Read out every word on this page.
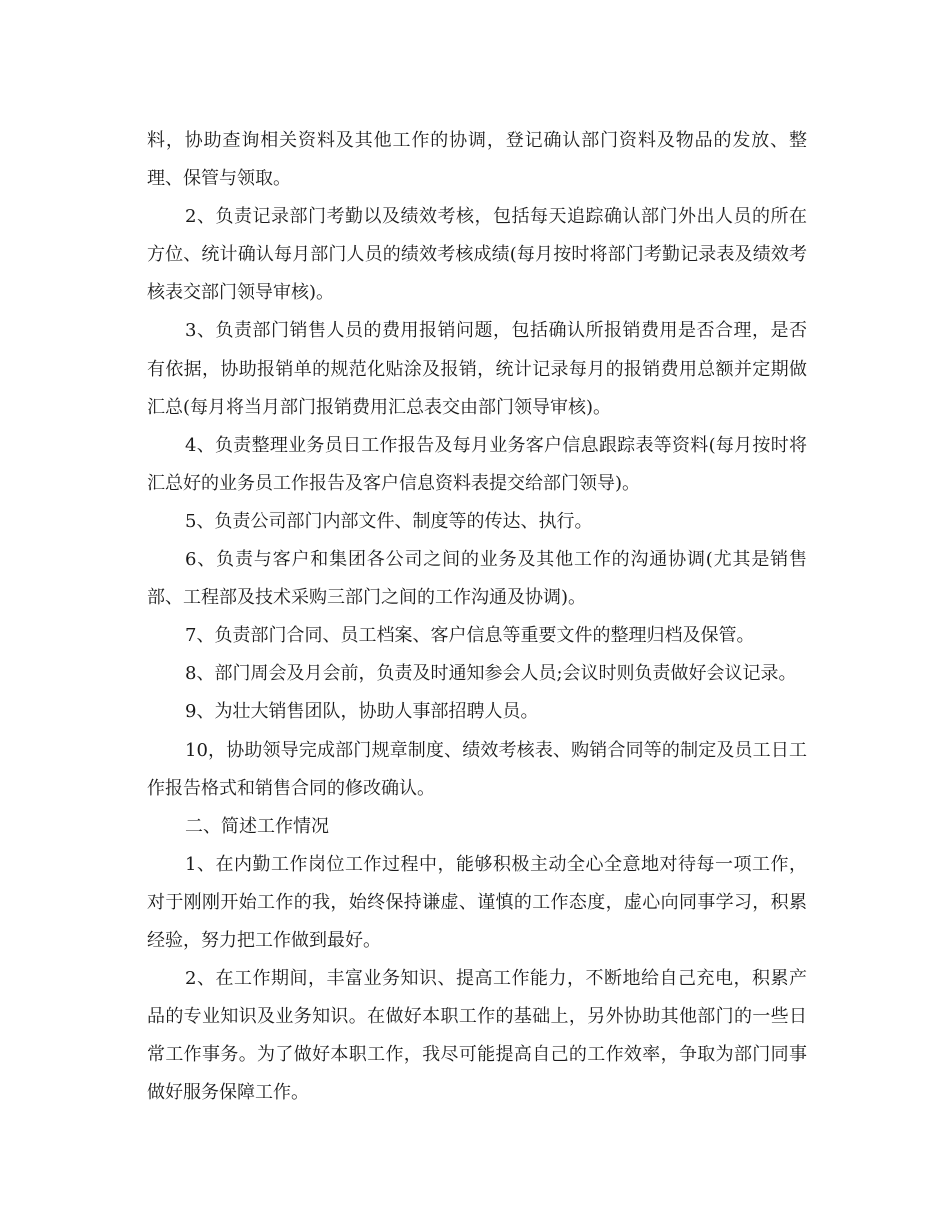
料，协助查询相关资料及其他工作的协调，登记确认部门资料及物品的发放、整理、保管与领取。

2、负责记录部门考勤以及绩效考核，包括每天追踪确认部门外出人员的所在方位、统计确认每月部门人员的绩效考核成绩(每月按时将部门考勤记录表及绩效考核表交部门领导审核)。

3、负责部门销售人员的费用报销问题，包括确认所报销费用是否合理，是否有依据，协助报销单的规范化贴涂及报销，统计记录每月的报销费用总额并定期做汇总(每月将当月部门报销费用汇总表交由部门领导审核)。

4、负责整理业务员日工作报告及每月业务客户信息跟踪表等资料(每月按时将汇总好的业务员工作报告及客户信息资料表提交给部门领导)。

5、负责公司部门内部文件、制度等的传达、执行。

6、负责与客户和集团各公司之间的业务及其他工作的沟通协调(尤其是销售部、工程部及技术采购三部门之间的工作沟通及协调)。

7、负责部门合同、员工档案、客户信息等重要文件的整理归档及保管。

8、部门周会及月会前，负责及时通知参会人员;会议时则负责做好会议记录。

9、为壮大销售团队，协助人事部招聘人员。

10，协助领导完成部门规章制度、绩效考核表、购销合同等的制定及员工日工作报告格式和销售合同的修改确认。

二、简述工作情况

1、在内勤工作岗位工作过程中，能够积极主动全心全意地对待每一项工作，对于刚刚开始工作的我，始终保持谦虚、谨慎的工作态度，虚心向同事学习，积累经验，努力把工作做到最好。

2、在工作期间，丰富业务知识、提高工作能力，不断地给自己充电，积累产品的专业知识及业务知识。在做好本职工作的基础上，另外协助其他部门的一些日常工作事务。为了做好本职工作，我尽可能提高自己的工作效率，争取为部门同事做好服务保障工作。
